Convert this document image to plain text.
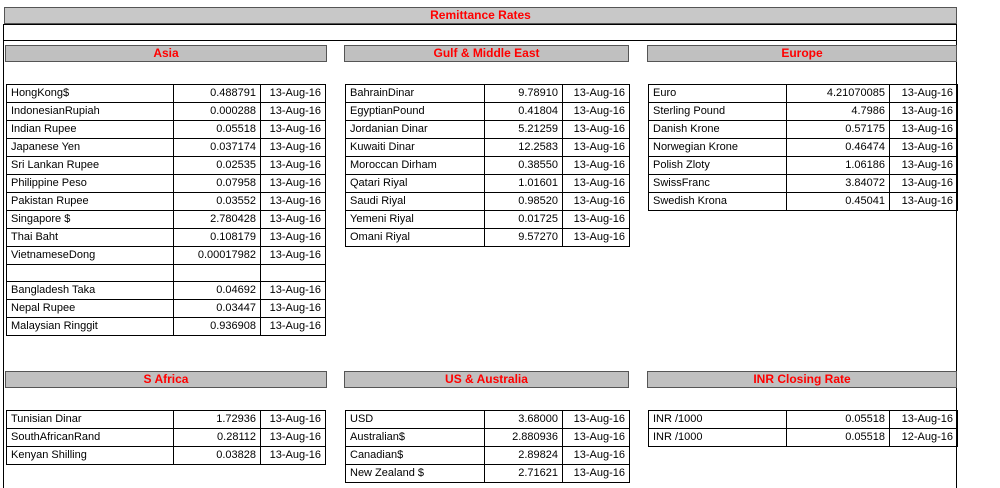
Remittance Rates
Asia	Gulf & Middle East	Europe
S Africa	US & Australia	INR Closing Rate
HongKong$	0.488791	13-Aug-16
IndonesianRupiah	0.000288	13-Aug-16
Indian Rupee	0.05518	13-Aug-16
Japanese Yen	0.037174	13-Aug-16
Sri Lankan Rupee	0.02535	13-Aug-16
Philippine Peso	0.07958	13-Aug-16
Pakistan Rupee	0.03552	13-Aug-16
Singapore $	2.780428	13-Aug-16
Thai Baht	0.108179	13-Aug-16
VietnameseDong	0.00017982	13-Aug-16

Bangladesh Taka	0.04692	13-Aug-16
Nepal Rupee	0.03447	13-Aug-16
Malaysian Ringgit	0.936908	13-Aug-16
BahrainDinar	9.78910	13-Aug-16
EgyptianPound	0.41804	13-Aug-16
Jordanian Dinar	5.21259	13-Aug-16
Kuwaiti Dinar	12.2583	13-Aug-16
Moroccan Dirham	0.38550	13-Aug-16
Qatari Riyal	1.01601	13-Aug-16
Saudi Riyal	0.98520	13-Aug-16
Yemeni Riyal	0.01725	13-Aug-16
Omani Riyal	9.57270	13-Aug-16
Euro	4.21070085	13-Aug-16
Sterling Pound	4.7986	13-Aug-16
Danish Krone	0.57175	13-Aug-16
Norwegian Krone	0.46474	13-Aug-16
Polish Zloty	1.06186	13-Aug-16
SwissFranc	3.84072	13-Aug-16
Swedish Krona	0.45041	13-Aug-16
Tunisian Dinar	1.72936	13-Aug-16
SouthAfricanRand	0.28112	13-Aug-16
Kenyan Shilling	0.03828	13-Aug-16
USD	3.68000	13-Aug-16
Australian$	2.880936	13-Aug-16
Canadian$	2.89824	13-Aug-16
New Zealand $	2.71621	13-Aug-16
INR /1000	0.05518	13-Aug-16
INR /1000	0.05518	12-Aug-16
